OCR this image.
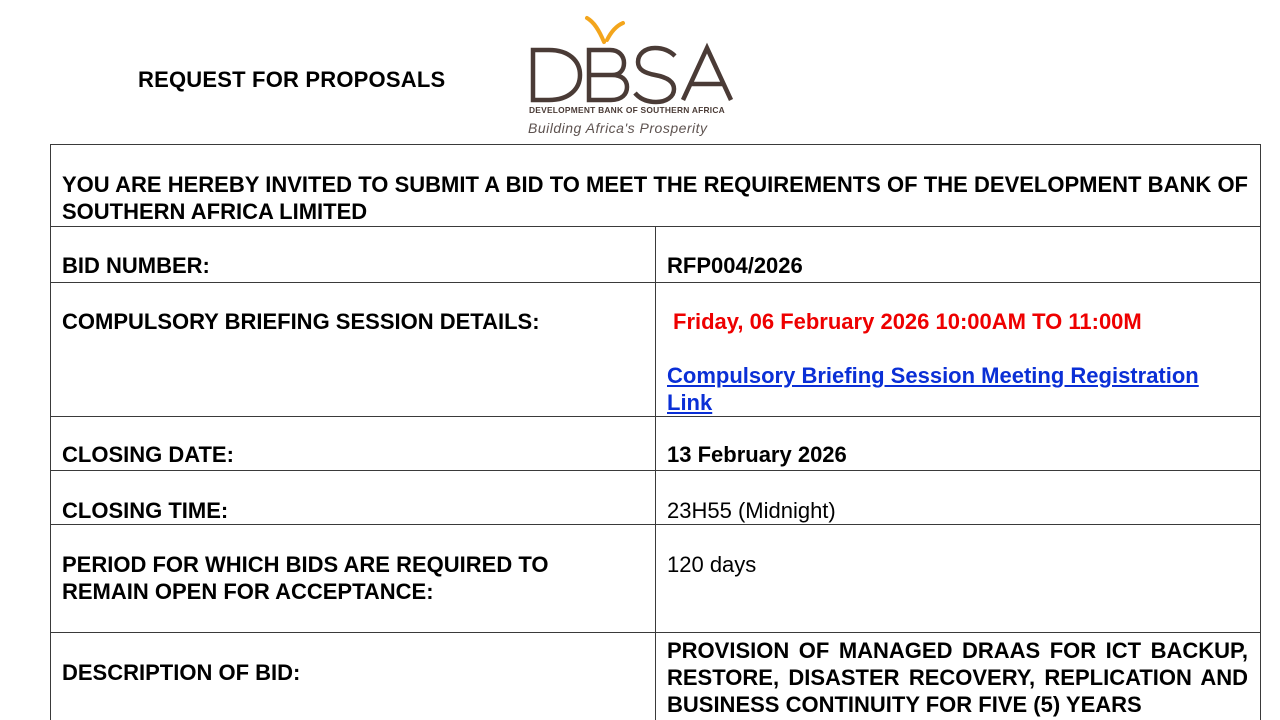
REQUEST FOR PROPOSALS
DEVELOPMENT BANK OF SOUTHERN AFRICA
Building Africa's Prosperity
YOU ARE HEREBY INVITED TO SUBMIT A BID TO MEET THE REQUIREMENTS OF THE DEVELOPMENT BANK OF SOUTHERN AFRICA LIMITED	
BID NUMBER:	RFP004/2026
COMPULSORY BRIEFING SESSION DETAILS:	Friday, 06 February 2026 10:00AM TO 11:00M
Compulsory Briefing Session Meeting Registration Link

CLOSING DATE:	13 February 2026
CLOSING TIME:	23H55 (Midnight)
PERIOD FOR WHICH BIDS ARE REQUIRED TO REMAIN OPEN FOR ACCEPTANCE:	120 days
DESCRIPTION OF BID:	PROVISION OF MANAGED DRAAS FOR ICT BACKUP, RESTORE, DISASTER RECOVERY, REPLICATION AND BUSINESS CONTINUITY FOR FIVE (5) YEARS
